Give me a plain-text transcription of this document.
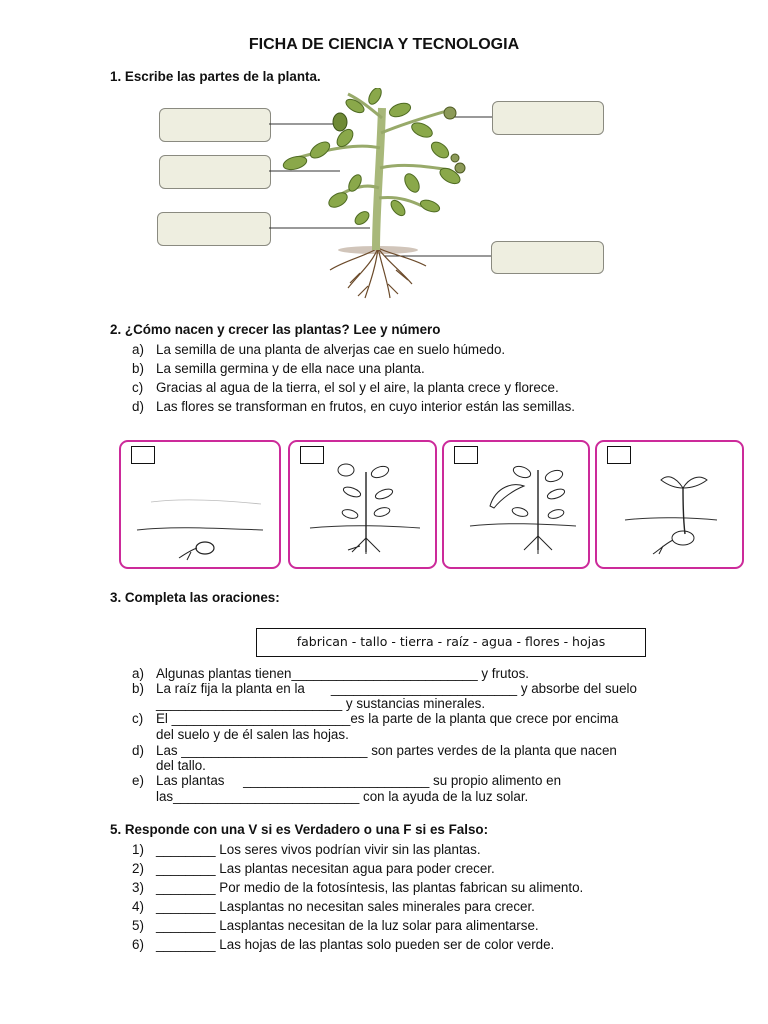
FICHA DE CIENCIA Y TECNOLOGIA
1. Escribe las partes de la planta.
2. ¿Cómo nacen y crecer las plantas? Lee y número
a) La semilla de una planta de alverjas cae en suelo húmedo.
b) La semilla germina y de ella nace una planta.
c) Gracias al agua de la tierra, el sol y el aire, la planta crece y florece.
d) Las flores se transforman en frutos, en cuyo interior están las semillas.
3. Completa las oraciones:
fabrican - tallo - tierra - raíz - agua - flores - hojas
a) Algunas plantas tienen_________________________ y frutos.
b) La raíz fija la planta en la       _________________________ y absorbe del suelo
_________________________ y sustancias minerales.
c) El ________________________es la parte de la planta que crece por encima
del suelo y de él salen las hojas.
d) Las _________________________ son partes verdes de la planta que nacen
del tallo.
e) Las plantas     _________________________ su propio alimento en
las_________________________ con la ayuda de la luz solar.
5. Responde con una V si es Verdadero o una F si es Falso:
1) ________ Los seres vivos podrían vivir sin las plantas.
2) ________ Las plantas necesitan agua para poder crecer.
3) ________ Por medio de la fotosíntesis, las plantas fabrican su alimento.
4) ________ Lasplantas no necesitan sales minerales para crecer.
5) ________ Lasplantas necesitan de la luz solar para alimentarse.
6) ________ Las hojas de las plantas solo pueden ser de color verde.
